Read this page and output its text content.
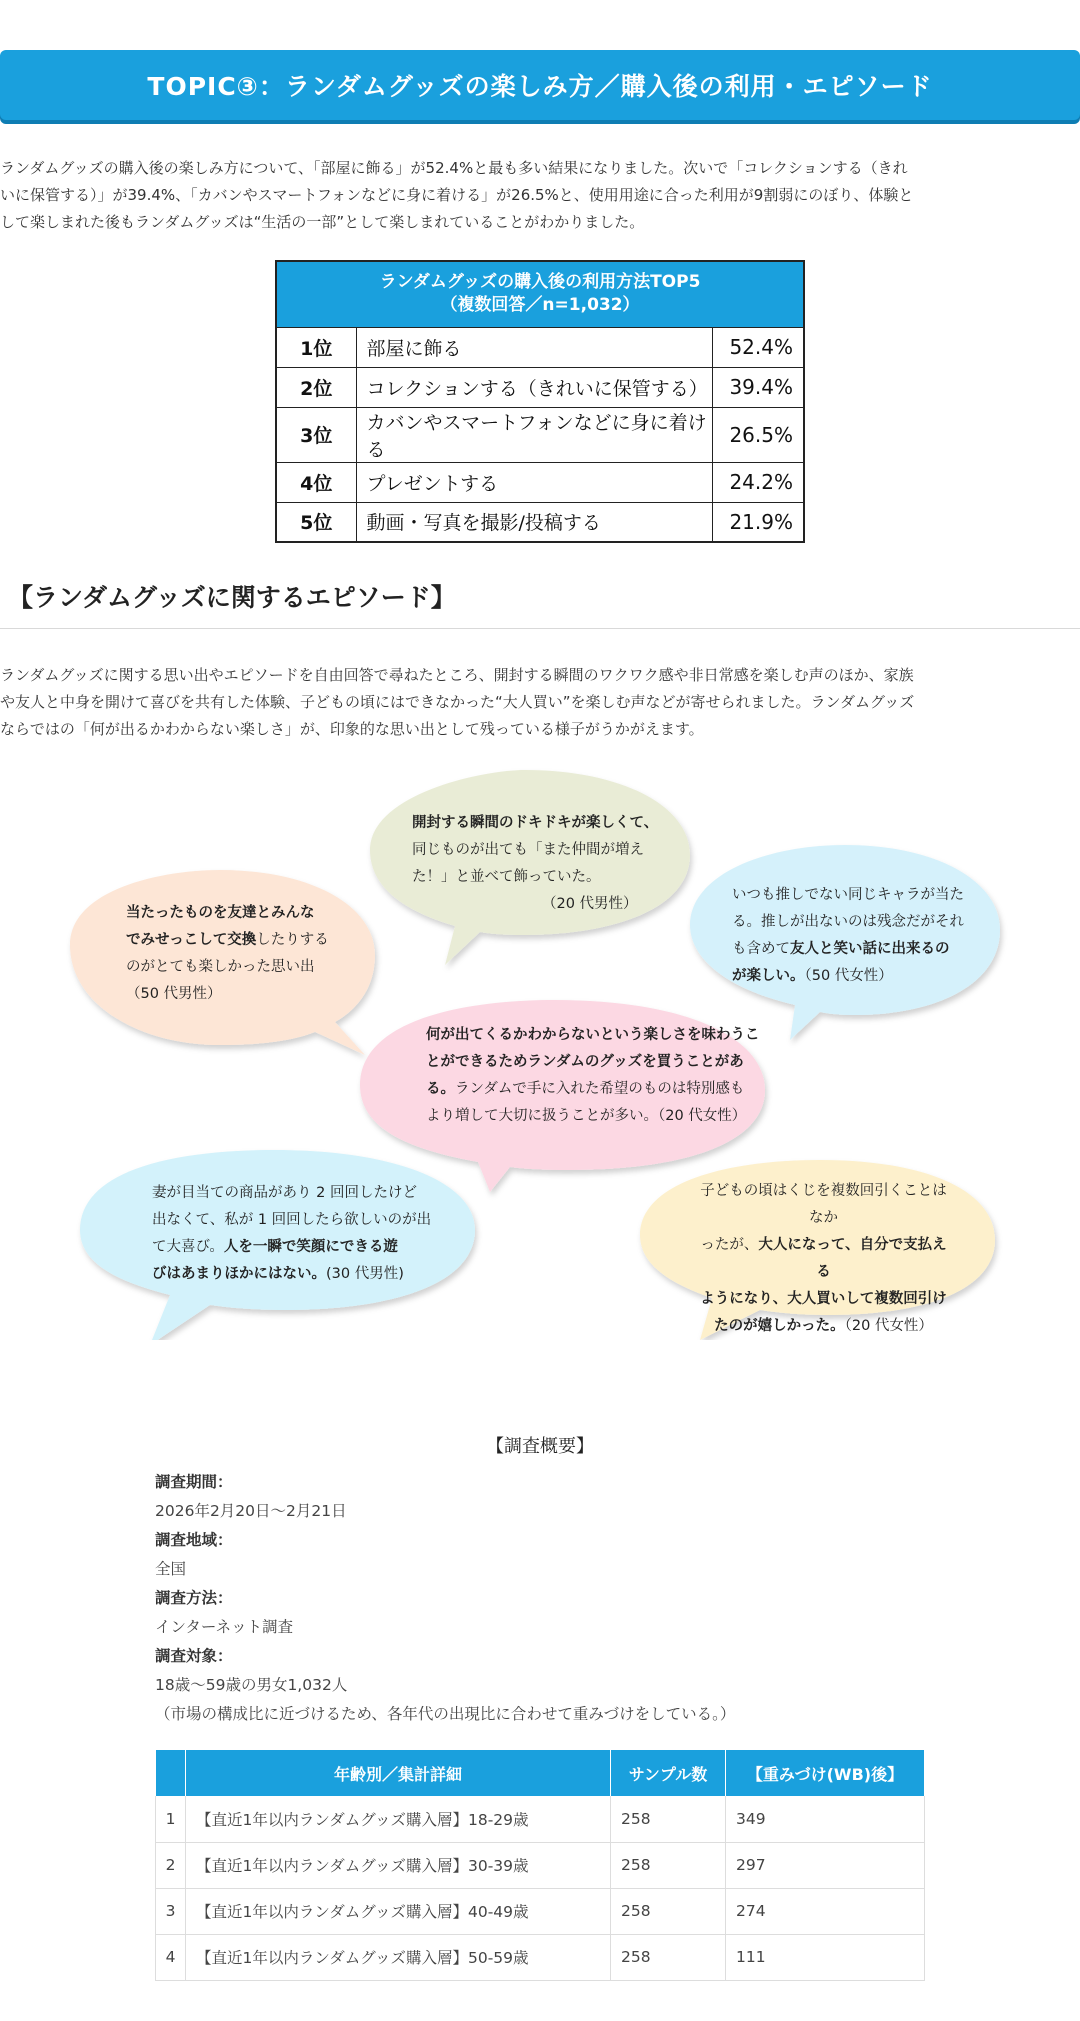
TOPIC③：ランダムグッズの楽しみ方／購入後の利用・エピソード
ランダムグッズの購入後の楽しみ方について、「部屋に飾る」が52.4%と最も多い結果になりました。次いで「コレクションする（きれ
いに保管する）」が39.4%、「カバンやスマートフォンなどに身に着ける」が26.5%と、使用用途に合った利用が9割弱にのぼり、体験と
して楽しまれた後もランダムグッズは“生活の一部”として楽しまれていることがわかりました。
ランダムグッズの購入後の利用方法TOP5
（複数回答／n=1,032）		

1位	部屋に飾る	52.4%
2位	コレクションする（きれいに保管する）	39.4%
3位	カバンやスマートフォンなどに身に着ける	26.5%
4位	プレゼントする	24.2%
5位	動画・写真を撮影/投稿する	21.9%
【ランダムグッズに関するエピソード】
ランダムグッズに関する思い出やエピソードを自由回答で尋ねたところ、開封する瞬間のワクワク感や非日常感を楽しむ声のほか、家族
や友人と中身を開けて喜びを共有した体験、子どもの頃にはできなかった“大人買い”を楽しむ声などが寄せられました。ランダムグッズ
ならではの「何が出るかわからない楽しさ」が、印象的な思い出として残っている様子がうかがえます。
開封する瞬間のドキドキが楽しくて、
同じものが出ても「また仲間が増え
た！」と並べて飾っていた。
（20 代男性）
当たったものを友達とみんな
でみせっこして交換したりする
のがとても楽しかった思い出
（50 代男性）
いつも推しでない同じキャラが当た
る。推しが出ないのは残念だがそれ
も含めて友人と笑い話に出来るの
が楽しい。（50 代女性）
何が出てくるかわからないという楽しさを味わうこ
とができるためランダムのグッズを買うことがあ
る。ランダムで手に入れた希望のものは特別感も
より増して大切に扱うことが多い。（20 代女性）
妻が目当ての商品があり 2 回回したけど
出なくて、私が 1 回回したら欲しいのが出
て大喜び。人を一瞬で笑顔にできる遊
びはあまりほかにはない。(30 代男性)
子どもの頃はくじを複数回引くことはなか
ったが、大人になって、自分で支払える
ようになり、大人買いして複数回引け
たのが嬉しかった。（20 代女性）
【調査概要】
調査期間：
2026年2月20日～2月21日
調査地域：
全国
調査方法：
インターネット調査
調査対象：
18歳～59歳の男女1,032人
（市場の構成比に近づけるため、各年代の出現比に合わせて重みづけをしている。）
	年齢別／集計詳細	サンプル数	【重みづけ(WB)後】
1	【直近1年以内ランダムグッズ購入層】18-29歳	258	349
2	【直近1年以内ランダムグッズ購入層】30-39歳	258	297
3	【直近1年以内ランダムグッズ購入層】40-49歳	258	274
4	【直近1年以内ランダムグッズ購入層】50-59歳	258	111
